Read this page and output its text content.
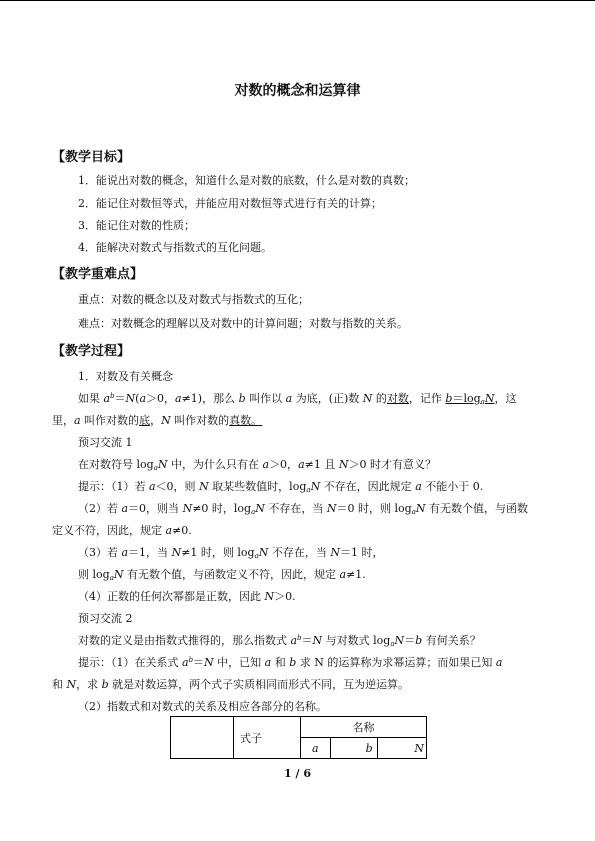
对数的概念和运算律
【教学目标】
1．能说出对数的概念，知道什么是对数的底数，什么是对数的真数；
2．能记住对数恒等式，并能应用对数恒等式进行有关的计算；
3．能记住对数的性质；
4．能解决对数式与指数式的互化问题。
【教学重难点】
重点：对数的概念以及对数式与指数式的互化；
难点：对数概念的理解以及对数中的计算问题；对数与指数的关系。
【教学过程】
1．对数及有关概念
如果 $a^b=N(a>0$，a≠1)，那么 b 叫作以 a 为底，(正)数 N 的对数，记作 $b=\log_aN$，这
里，a 叫作对数的底，N 叫作对数的真数。
预习交流 1
在对数符号 $\log_aN$ 中，为什么只有在 a＞0，a≠1 且 N＞0 时才有意义？
提示：（1）若 a＜0，则 N 取某些数值时，$\log_aN$ 不存在，因此规定 a 不能小于 0.
（2）若 a＝0，则当 N≠0 时，$\log_aN$ 不存在，当 N＝0 时，则 $\log_aN$ 有无数个值，与函数
定义不符，因此，规定 a≠0.
（3）若 a＝1，当 N≠1 时，则 $\log_aN$ 不存在，当 N＝1 时，
则 $\log_aN$ 有无数个值，与函数定义不符，因此，规定 a≠1.
（4）正数的任何次幂都是正数，因此 N＞0.
预习交流 2
对数的定义是由指数式推得的，那么指数式 $a^b=N$ 与对数式 $\log_aN=b$ 有何关系？
提示：（1）在关系式 $a^b=N$ 中，已知 a 和 b 求 N 的运算称为求幂运算；而如果已知 a
和 N，求 b 就是对数运算，两个式子实质相同而形式不同，互为逆运算。
（2）指数式和对数式的关系及相应各部分的名称。
	式子	名称		
		a	b	N
1 / 6
